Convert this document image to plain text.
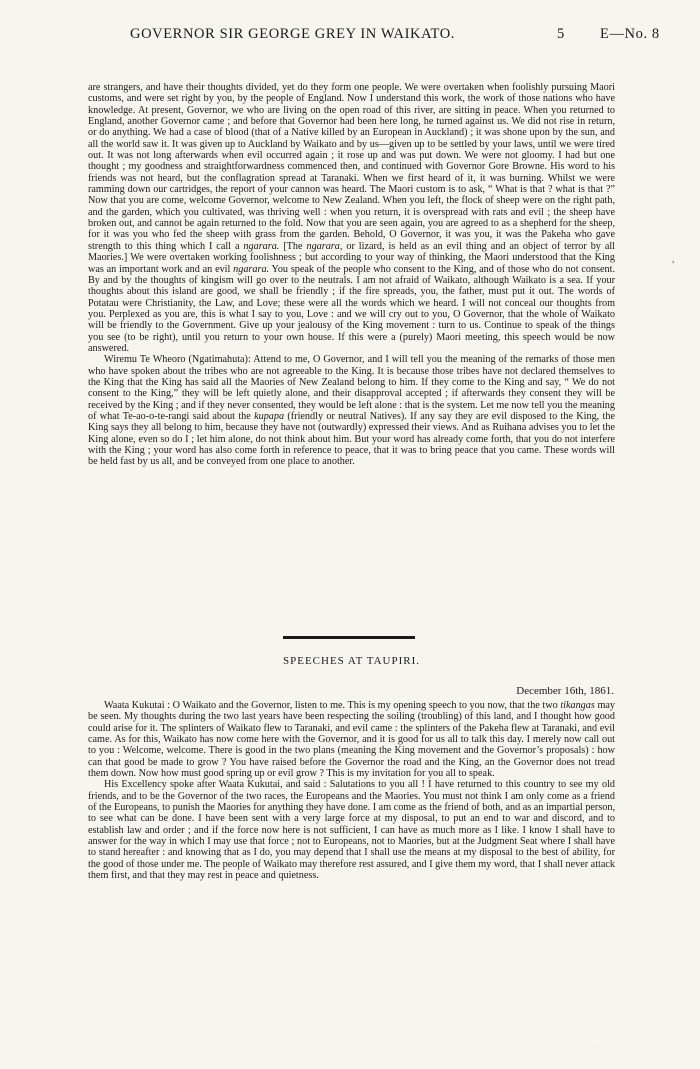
GOVERNOR SIR GEORGE GREY IN WAIKATO.	5 E—No. 8
,

are strangers, and have their thoughts divided, yet do they form one people. We were overtaken when foolishly pursuing Maori customs, and were set right by you, by the people of England. Now I understand this work, the work of those nations who have knowledge. At present, Governor, we who are living on the open road of this river, are sitting in peace. When you returned to England, another Governor came ; and before that Governor had been here long, he turned against us. We did not rise in return, or do anything. We had a case of blood (that of a Native killed by an European in Auckland) ; it was shone upon by the sun, and all the world saw it. It was given up to Auckland by Waikato and by us—given up to be settled by your laws, until we were tired out. It was not long afterwards when evil occurred again ; it rose up and was put down. We were not gloomy. I had but one thought ; my goodness and straightforwardness commenced then, and continued with Governor Gore Browne. His word to his friends was not heard, but the conflagration spread at Taranaki. When we first heard of it, it was burning. Whilst we were ramming down our cartridges, the report of your cannon was heard. The Maori custom is to ask, “ What is that ? what is that ?” Now that you are come, welcome Governor, welcome to New Zealand. When you left, the flock of sheep were on the right path, and the garden, which you cultivated, was thriving well : when you return, it is overspread with rats and evil ; the sheep have broken out, and cannot be again returned to the fold. Now that you are seen again, you are agreed to as a shepherd for the sheep, for it was you who fed the sheep with grass from the garden. Behold, O Governor, it was you, it was the Pakeha who gave strength to this thing which I call a ngarara. [The ngarara, or lizard, is held as an evil thing and an object of terror by all Maories.] We were overtaken working foolishness ; but according to your way of thinking, the Maori understood that the King was an important work and an evil ngarara. You speak of the people who consent to the King, and of those who do not consent. By and by the thoughts of kingism will go over to the neutrals. I am not afraid of Waikato, although Waikato is a sea. If your thoughts about this island are good, we shall be friendly ; if the fire spreads, you, the father, must put it out. The words of Potatau were Christianity, the Law, and Love; these were all the words which we heard. I will not conceal our thoughts from you. Perplexed as you are, this is what I say to you, Love : and we will cry out to you, O Governor, that the whole of Waikato will be friendly to the Government. Give up your jealousy of the King movement : turn to us. Continue to speak of the things you see (to be right), until you return to your own house. If this were a (purely) Maori meeting, this speech would be now answered.

Wiremu Te Wheoro (Ngatimahuta): Attend to me, O Governor, and I will tell you the meaning of the remarks of those men who have spoken about the tribes who are not agreeable to the King. It is because those tribes have not declared themselves to the King that the King has said all the Maories of New Zealand belong to him. If they come to the King and say, “ We do not consent to the King,” they will be left quietly alone, and their disapproval accepted ; if afterwards they consent they will be received by the King ; and if they never consented, they would be left alone : that is the system. Let me now tell you the meaning of what Te-ao-o-te-rangi said about the kupapa (friendly or neutral Natives). If any say they are evil disposed to the King, the King says they all belong to him, because they have not (outwardly) expressed their views. And as Ruihana advises you to let the King alone, even so do I ; let him alone, do not think about him. But your word has already come forth, that you do not interfere with the King ; your word has also come forth in reference to peace, that it was to bring peace that you came. These words will be held fast by us all, and be conveyed from one place to another.

SPEECHES AT TAUPIRI.
December 16th, 1861.

Waata Kukutai : O Waikato and the Governor, listen to me. This is my opening speech to you now, that the two tikangas may be seen. My thoughts during the two last years have been respecting the soiling (troubling) of this land, and I thought how good could arise for it. The splinters of Waikato flew to Taranaki, and evil came : the splinters of the Pakeha flew at Taranaki, and evil came. As for this, Waikato has now come here with the Governor, and it is good for us all to talk this day. I merely now call out to you : Welcome, welcome. There is good in the two plans (meaning the King movement and the Governor’s proposals) : how can that good be made to grow ? You have raised before the Governor the road and the King, an the Governor does not tread them down. Now how must good spring up or evil grow ? This is my invitation for you all to speak.

His Excellency spoke after Waata Kukutai, and said : Salutations to you all ! I have returned to this country to see my old friends, and to be the Governor of the two races, the Europeans and the Maories. You must not think I am only come as a friend of the Europeans, to punish the Maories for anything they have done. I am come as the friend of both, and as an impartial person, to see what can be done. I have been sent with a very large force at my disposal, to put an end to war and discord, and to establish law and order ; and if the force now here is not sufficient, I can have as much more as I like. I know I shall have to answer for the way in which I may use that force ; not to Europeans, not to Maories, but at the Judgment Seat where I shall have to stand hereafter : and knowing that as I do, you may depend that I shall use the means at my disposal to the best of ability, for the good of those under me. The people of Waikato may therefore rest assured, and I give them my word, that I shall never attack them first, and that they may rest in peace and quietness.

·
